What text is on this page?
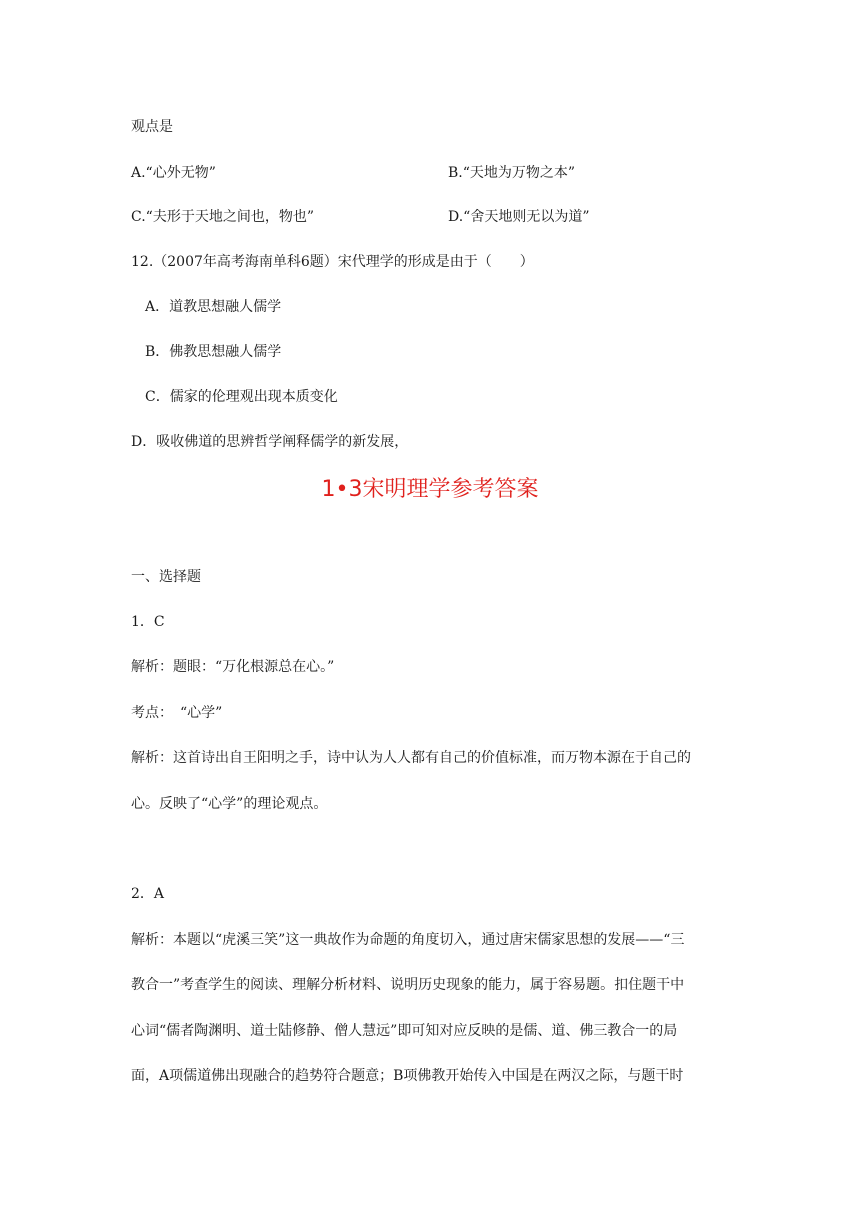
观点是
A.“心外无物”	B.“天地为万物之本”
C.“夫形于天地之间也，物也”	D.“舍天地则无以为道”
12.（2007年高考海南单科6题）宋代理学的形成是由于（　　）
A．道教思想融人儒学
B．佛教思想融人儒学
C．儒家的伦理观出现本质变化
D．吸收佛道的思辨哲学阐释儒学的新发展，
1•3宋明理学参考答案
一、选择题
1．C
解析：题眼：“万化根源总在心。”
考点：　“心学”
解析：这首诗出自王阳明之手，诗中认为人人都有自己的价值标准，而万物本源在于自己的
心。反映了“心学”的理论观点。
2．A
解析：本题以“虎溪三笑”这一典故作为命题的角度切入，通过唐宋儒家思想的发展——“三
教合一”考查学生的阅读、理解分析材料、说明历史现象的能力，属于容易题。扣住题干中
心词“儒者陶渊明、道士陆修静、僧人慧远”即可知对应反映的是儒、道、佛三教合一的局
面，A项儒道佛出现融合的趋势符合题意；B项佛教开始传入中国是在两汉之际，与题干时
